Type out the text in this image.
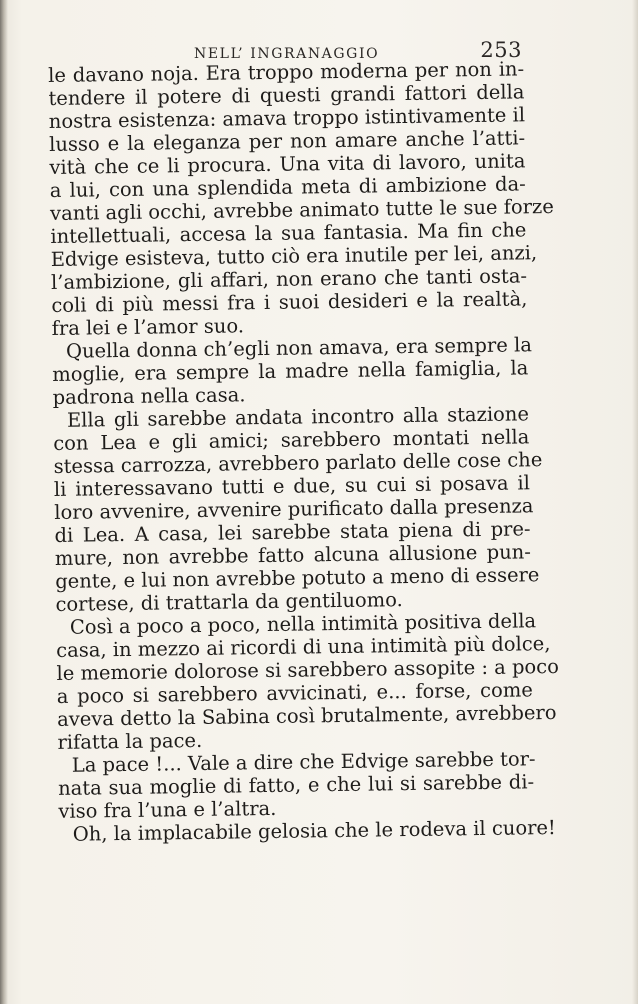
NELL’ INGRANAGGIO	253
le davano noja. Era troppo moderna per non in-
tendere il potere di questi grandi fattori della
nostra esistenza: amava troppo istintivamente il
lusso e la eleganza per non amare anche l’atti-
vità che ce li procura. Una vita di lavoro, unita
a lui, con una splendida meta di ambizione da-
vanti agli occhi, avrebbe animato tutte le sue forze
intellettuali, accesa la sua fantasia. Ma fin che
Edvige esisteva, tutto ciò era inutile per lei, anzi,
l’ambizione, gli affari, non erano che tanti osta-
coli di più messi fra i suoi desideri e la realtà,
fra lei e l’amor suo.
Quella donna ch’egli non amava, era sempre la
moglie, era sempre la madre nella famiglia, la
padrona nella casa.
Ella gli sarebbe andata incontro alla stazione
con Lea e gli amici; sarebbero montati nella
stessa carrozza, avrebbero parlato delle cose che
li interessavano tutti e due, su cui si posava il
loro avvenire, avvenire purificato dalla presenza
di Lea. A casa, lei sarebbe stata piena di pre-
mure, non avrebbe fatto alcuna allusione pun-
gente, e lui non avrebbe potuto a meno di essere
cortese, di trattarla da gentiluomo.
Così a poco a poco, nella intimità positiva della
casa, in mezzo ai ricordi di una intimità più dolce,
le memorie dolorose si sarebbero assopite : a poco
a poco si sarebbero avvicinati, e... forse, come
aveva detto la Sabina così brutalmente, avrebbero
rifatta la pace.
La pace !... Vale a dire che Edvige sarebbe tor-
nata sua moglie di fatto, e che lui si sarebbe di-
viso fra l’una e l’altra.
Oh, la implacabile gelosia che le rodeva il cuore!
